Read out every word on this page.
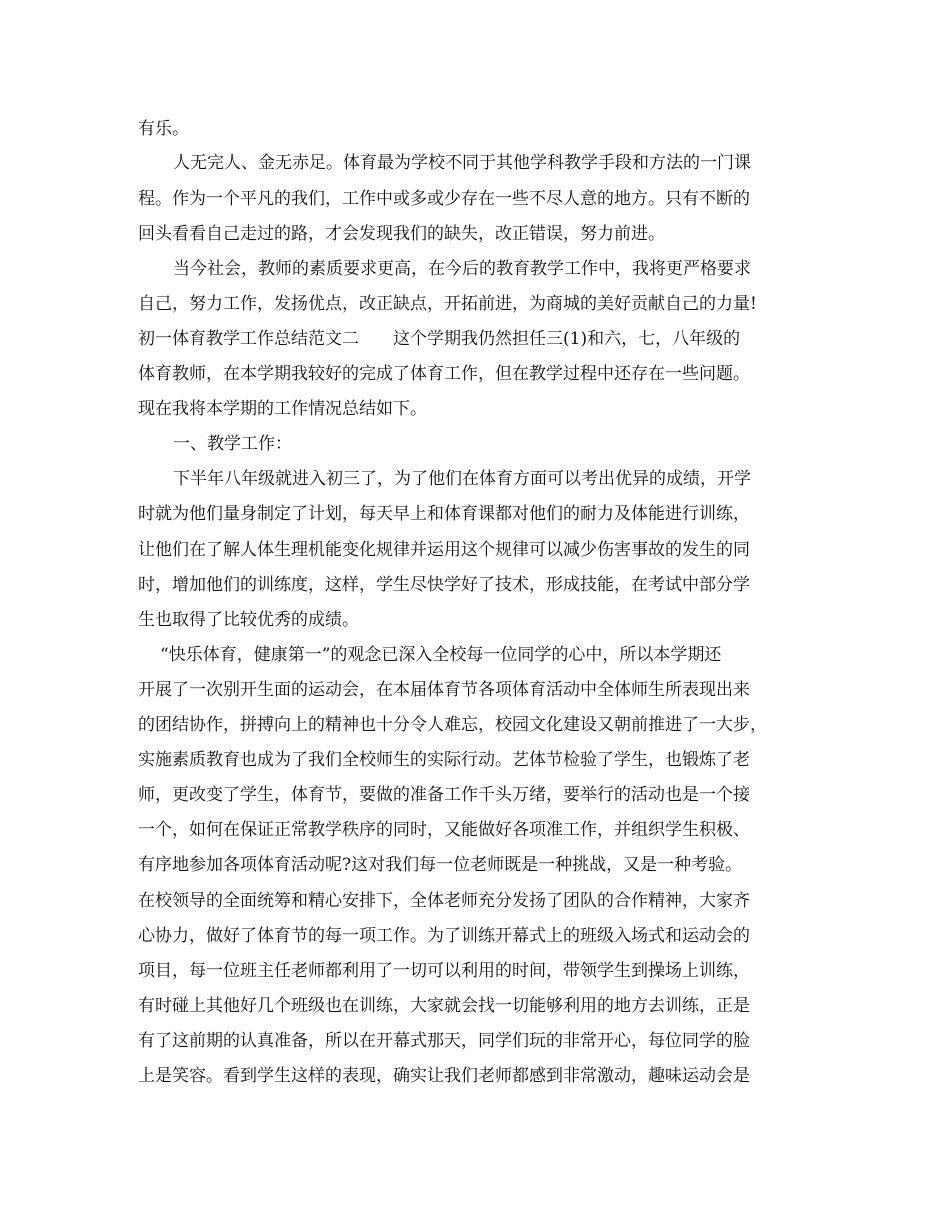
有乐。
人无完人、金无赤足。体育最为学校不同于其他学科教学手段和方法的一门课
程。作为一个平凡的我们，工作中或多或少存在一些不尽人意的地方。只有不断的
回头看看自己走过的路，才会发现我们的缺失，改正错误，努力前进。
当今社会，教师的素质要求更高，在今后的教育教学工作中，我将更严格要求
自己，努力工作，发扬优点，改正缺点，开拓前进，为商城的美好贡献自己的力量!
初一体育教学工作总结范文二　　这个学期我仍然担任三(1)和六，七，八年级的
体育教师，在本学期我较好的完成了体育工作，但在教学过程中还存在一些问题。
现在我将本学期的工作情况总结如下。
一、教学工作：
下半年八年级就进入初三了，为了他们在体育方面可以考出优异的成绩，开学
时就为他们量身制定了计划，每天早上和体育课都对他们的耐力及体能进行训练，
让他们在了解人体生理机能变化规律并运用这个规律可以减少伤害事故的发生的同
时，增加他们的训练度，这样，学生尽快学好了技术，形成技能，在考试中部分学
生也取得了比较优秀的成绩。
“快乐体育，健康第一”的观念已深入全校每一位同学的心中，所以本学期还
开展了一次别开生面的运动会，在本届体育节各项体育活动中全体师生所表现出来
的团结协作，拼搏向上的精神也十分令人难忘，校园文化建设又朝前推进了一大步，
实施素质教育也成为了我们全校师生的实际行动。艺体节检验了学生，也锻炼了老
师，更改变了学生，体育节，要做的准备工作千头万绪，要举行的活动也是一个接
一个，如何在保证正常教学秩序的同时，又能做好各项准工作，并组织学生积极、
有序地参加各项体育活动呢?这对我们每一位老师既是一种挑战，又是一种考验。
在校领导的全面统筹和精心安排下，全体老师充分发扬了团队的合作精神，大家齐
心协力，做好了体育节的每一项工作。为了训练开幕式上的班级入场式和运动会的
项目，每一位班主任老师都利用了一切可以利用的时间，带领学生到操场上训练，
有时碰上其他好几个班级也在训练，大家就会找一切能够利用的地方去训练，正是
有了这前期的认真准备，所以在开幕式那天，同学们玩的非常开心，每位同学的脸
上是笑容。看到学生这样的表现，确实让我们老师都感到非常激动，趣味运动会是
